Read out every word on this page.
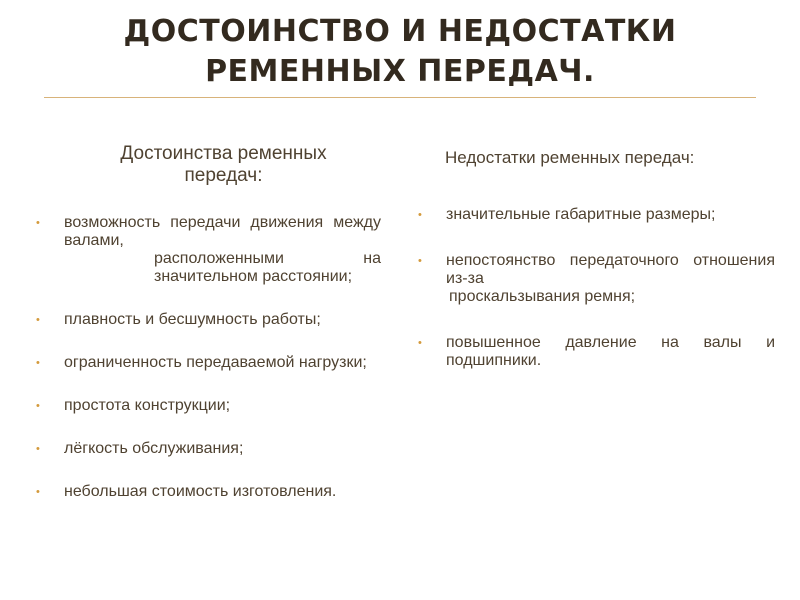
ДОСТОИНСТВО И НЕДОСТАТКИ
РЕМЕННЫХ ПЕРЕДАЧ.
Достоинства ременных
передач:
•	возможность передачи движения между валами,
расположенными на значительном расстоянии;
•	плавность и бесшумность работы;
•	ограниченность передаваемой нагрузки;
•	простота конструкции;
•	лёгкость обслуживания;
•	небольшая стоимость изготовления.
Недостатки ременных передач:
•	значительные габаритные размеры;
•	непостоянство передаточного отношения из-за
проскальзывания ремня;
•	повышенное давление на валы и подшипники.
